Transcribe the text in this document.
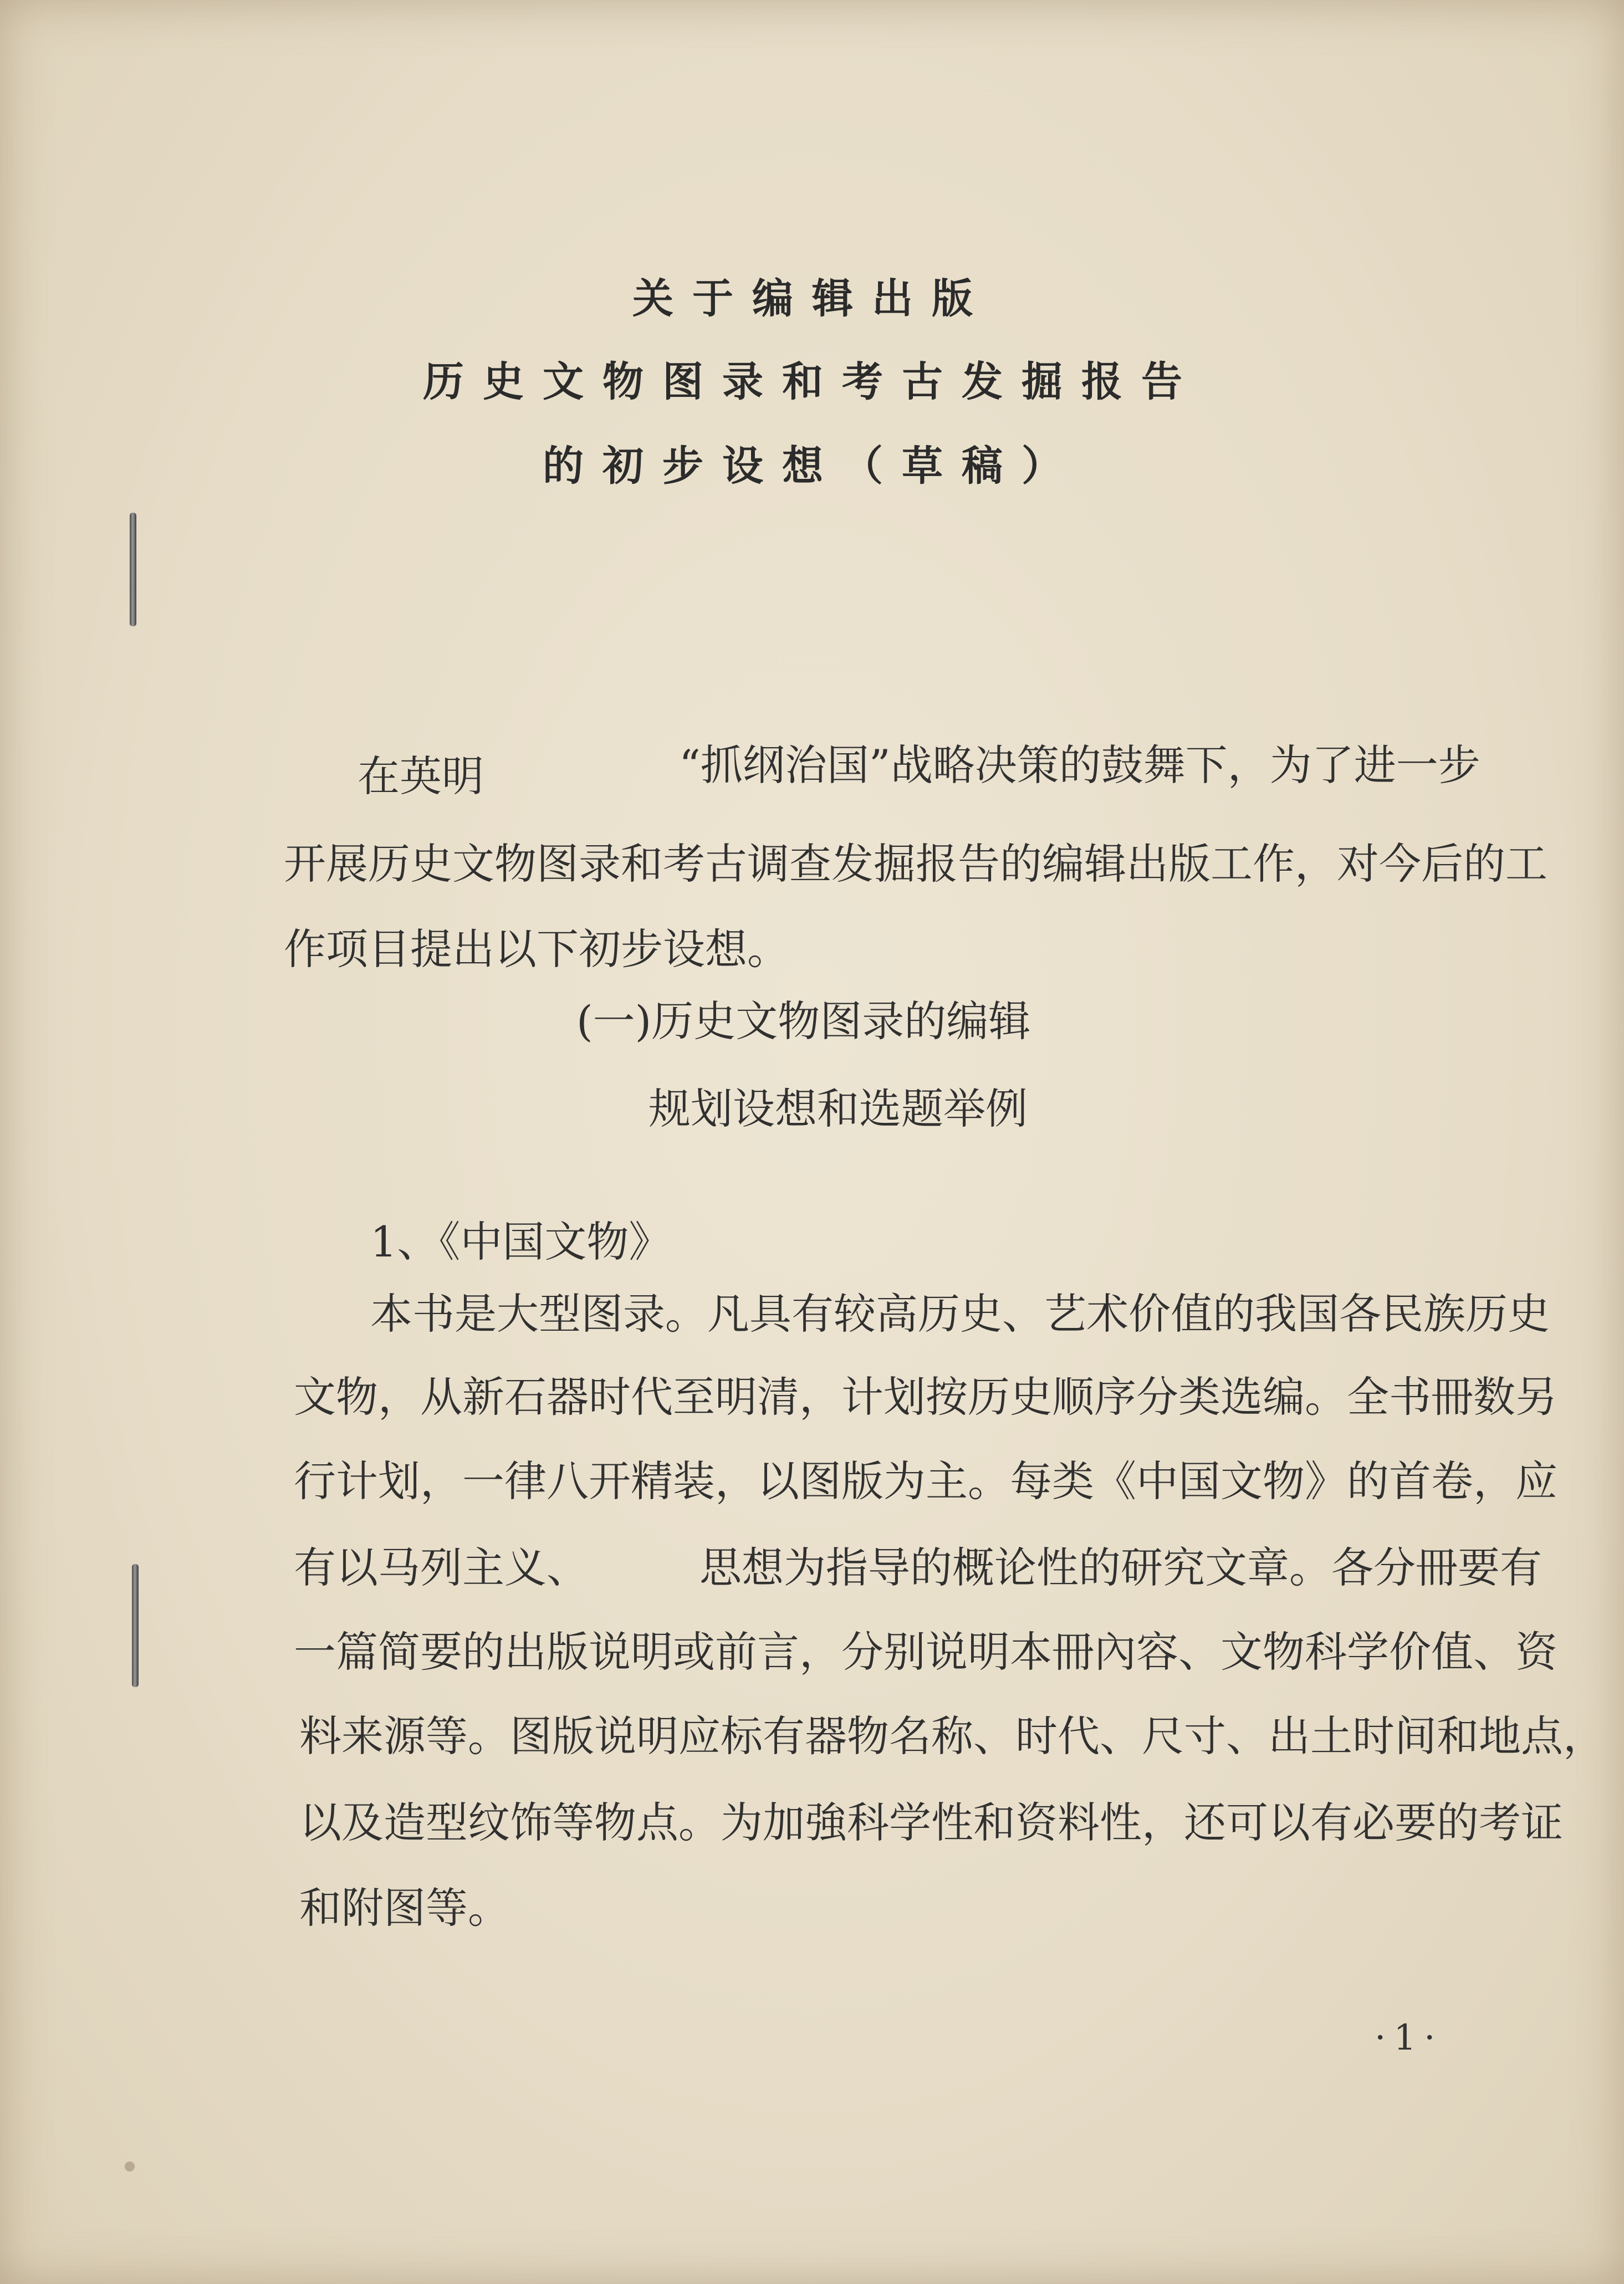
关于编辑出版
历史文物图录和考古发掘报告
的初步设想（草稿）
在英明	“抓纲治国”战略决策的鼓舞下，为了进一步
开展历史文物图录和考古调查发掘报告的编辑出版工作，对今后的工
作项目提出以下初步设想。
(一)历史文物图录的编辑
规划设想和选题举例
1、《中国文物》
本书是大型图录。凡具有较高历史、艺术价值的我国各民族历史
文物，从新石器时代至明清，计划按历史顺序分类选编。全书冊数另
行计划，一律八开精装，以图版为主。每类《中国文物》的首卷，应
有以马列主义、	思想为指导的概论性的研究文章。各分冊要有
一篇简要的出版说明或前言，分别说明本冊內容、文物科学价值、资
料来源等。图版说明应标有器物名称、时代、尺寸、出土时间和地点，
以及造型纹饰等物点。为加強科学性和资料性，还可以有必要的考证
和附图等。
·1·
